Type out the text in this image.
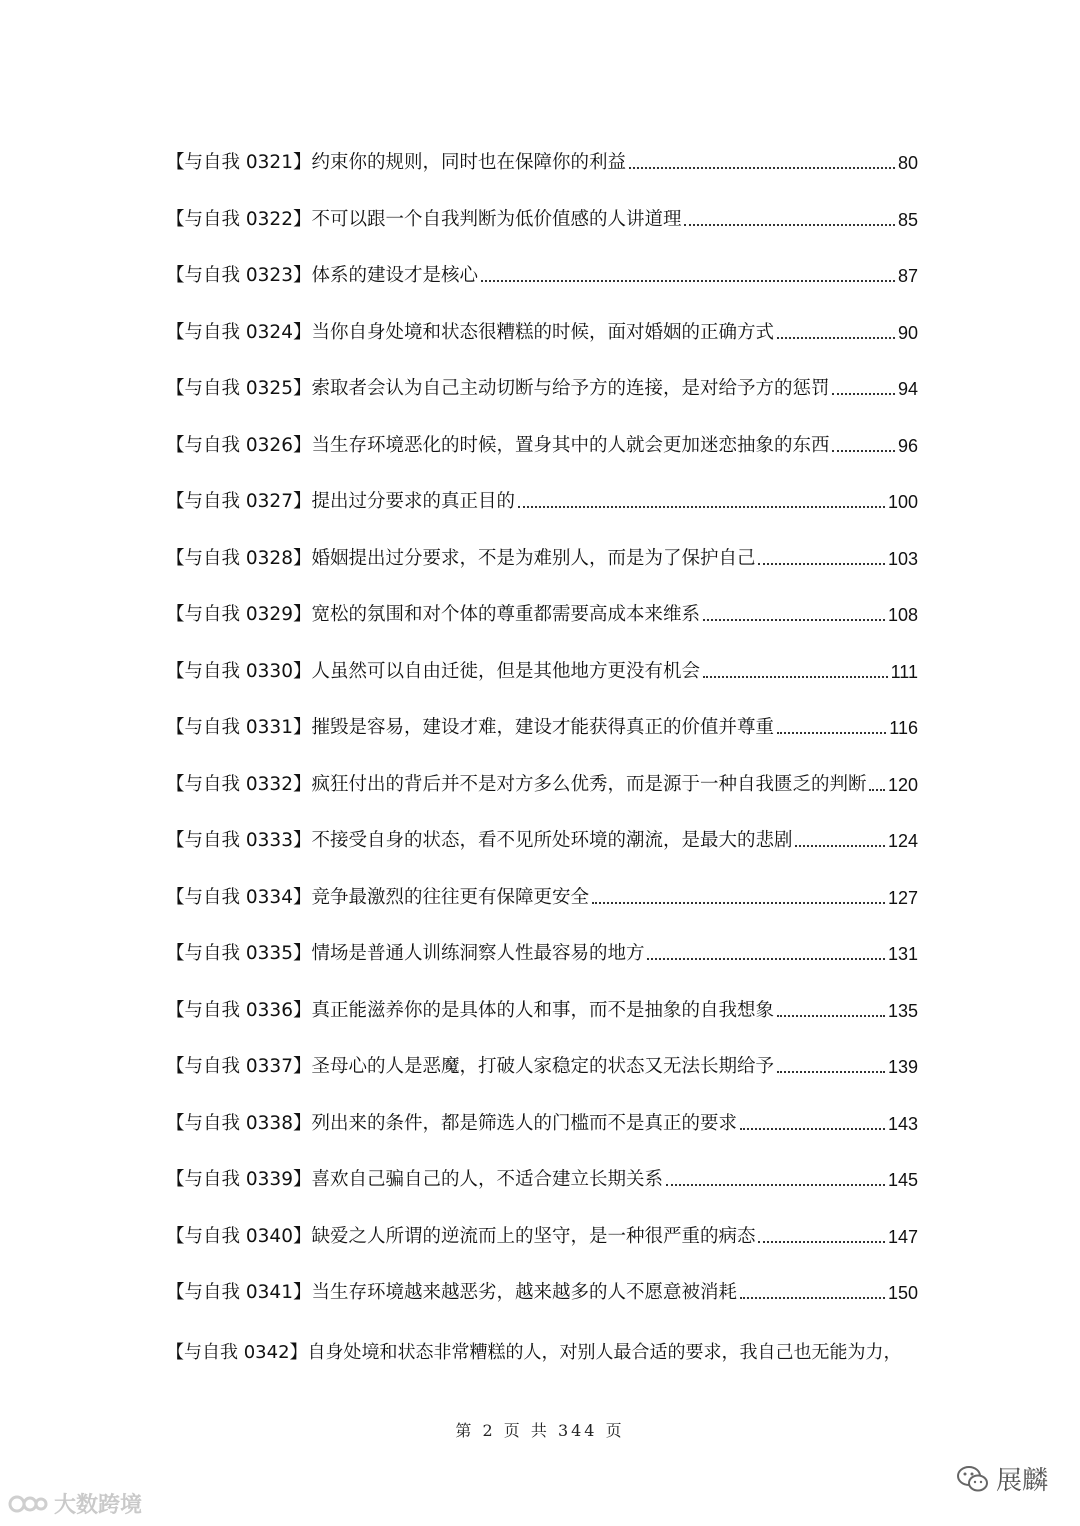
【与自我 0321】约束你的规则，同时也在保障你的利益	80
【与自我 0322】不可以跟一个自我判断为低价值感的人讲道理	85
【与自我 0323】体系的建设才是核心	87
【与自我 0324】当你自身处境和状态很糟糕的时候，面对婚姻的正确方式	90
【与自我 0325】索取者会认为自己主动切断与给予方的连接，是对给予方的惩罚	94
【与自我 0326】当生存环境恶化的时候，置身其中的人就会更加迷恋抽象的东西	96
【与自我 0327】提出过分要求的真正目的	100
【与自我 0328】婚姻提出过分要求，不是为难别人，而是为了保护自己	103
【与自我 0329】宽松的氛围和对个体的尊重都需要高成本来维系	108
【与自我 0330】人虽然可以自由迁徙，但是其他地方更没有机会	111
【与自我 0331】摧毁是容易，建设才难，建设才能获得真正的价值并尊重	116
【与自我 0332】疯狂付出的背后并不是对方多么优秀，而是源于一种自我匮乏的判断 120
【与自我 0333】不接受自身的状态，看不见所处环境的潮流，是最大的悲剧	124
【与自我 0334】竞争最激烈的往往更有保障更安全	127
【与自我 0335】情场是普通人训练洞察人性最容易的地方	131
【与自我 0336】真正能滋养你的是具体的人和事，而不是抽象的自我想象	135
【与自我 0337】圣母心的人是恶魔，打破人家稳定的状态又无法长期给予	139
【与自我 0338】列出来的条件，都是筛选人的门槛而不是真正的要求	143
【与自我 0339】喜欢自己骗自己的人，不适合建立长期关系	145
【与自我 0340】缺爱之人所谓的逆流而上的坚守，是一种很严重的病态	147
【与自我 0341】当生存环境越来越恶劣，越来越多的人不愿意被消耗	150
【与自我 0342】自身处境和状态非常糟糕的人，对别人最合适的要求，我自己也无能为力，
第 2 页 共 344 页
大数跨境
展麟
